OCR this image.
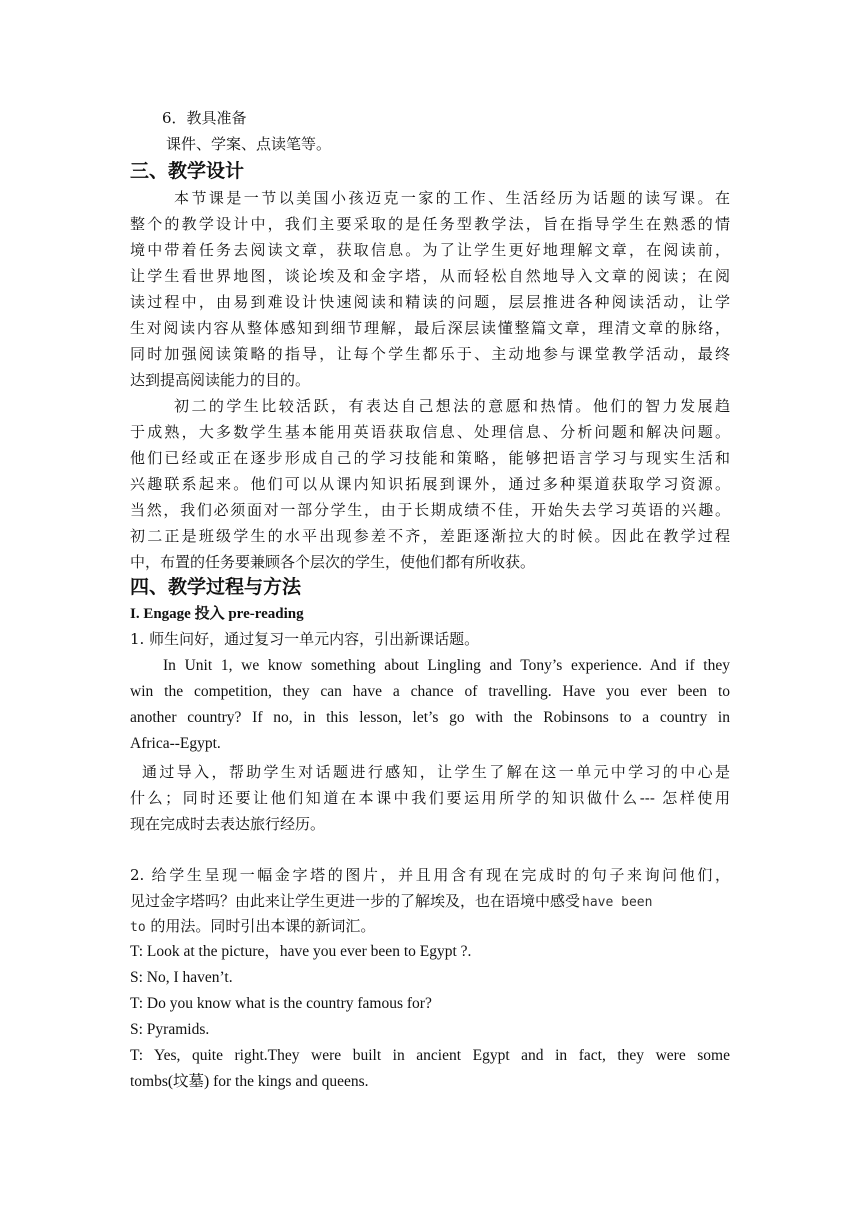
6．教具准备
课件、学案、点读笔等。
三、教学设计
本节课是一节以美国小孩迈克一家的工作、生活经历为话题的读写课。在
整个的教学设计中，我们主要采取的是任务型教学法，旨在指导学生在熟悉的情
境中带着任务去阅读文章，获取信息。为了让学生更好地理解文章，在阅读前，
让学生看世界地图，谈论埃及和金字塔，从而轻松自然地导入文章的阅读；在阅
读过程中，由易到难设计快速阅读和精读的问题，层层推进各种阅读活动，让学
生对阅读内容从整体感知到细节理解，最后深层读懂整篇文章，理清文章的脉络，
同时加强阅读策略的指导，让每个学生都乐于、主动地参与课堂教学活动，最终
达到提高阅读能力的目的。
初二的学生比较活跃，有表达自己想法的意愿和热情。他们的智力发展趋
于成熟，大多数学生基本能用英语获取信息、处理信息、分析问题和解决问题。
他们已经或正在逐步形成自己的学习技能和策略，能够把语言学习与现实生活和
兴趣联系起来。他们可以从课内知识拓展到课外，通过多种渠道获取学习资源。
当然，我们必须面对一部分学生，由于长期成绩不佳，开始失去学习英语的兴趣。
初二正是班级学生的水平出现参差不齐，差距逐渐拉大的时候。因此在教学过程
中，布置的任务要兼顾各个层次的学生，使他们都有所收获。
四、教学过程与方法
I. Engage 投入 pre-reading
1. 师生问好，通过复习一单元内容，引出新课话题。
In Unit 1, we know something about Lingling and Tony’s experience. And if they
win the competition, they can have a chance of travelling. Have you ever been to
another country? If no, in this lesson, let’s go with the Robinsons to a country in
Africa--Egypt.
通过导入，帮助学生对话题进行感知，让学生了解在这一单元中学习的中心是
什么；同时还要让他们知道在本课中我们要运用所学的知识做什么--- 怎样使用
现在完成时去表达旅行经历。
2. 给学生呈现一幅金字塔的图片，并且用含有现在完成时的句子来询问他们，
见过金字塔吗？由此来让学生更进一步的了解埃及，也在语境中感受 have been
to 的用法。同时引出本课的新词汇。
T: Look at the picture，have you ever been to Egypt ?.
S: No, I haven’t.
T: Do you know what is the country famous for?
S: Pyramids.
T: Yes, quite right.They were built in ancient Egypt and in fact, they were some
tombs(坟墓) for the kings and queens.
